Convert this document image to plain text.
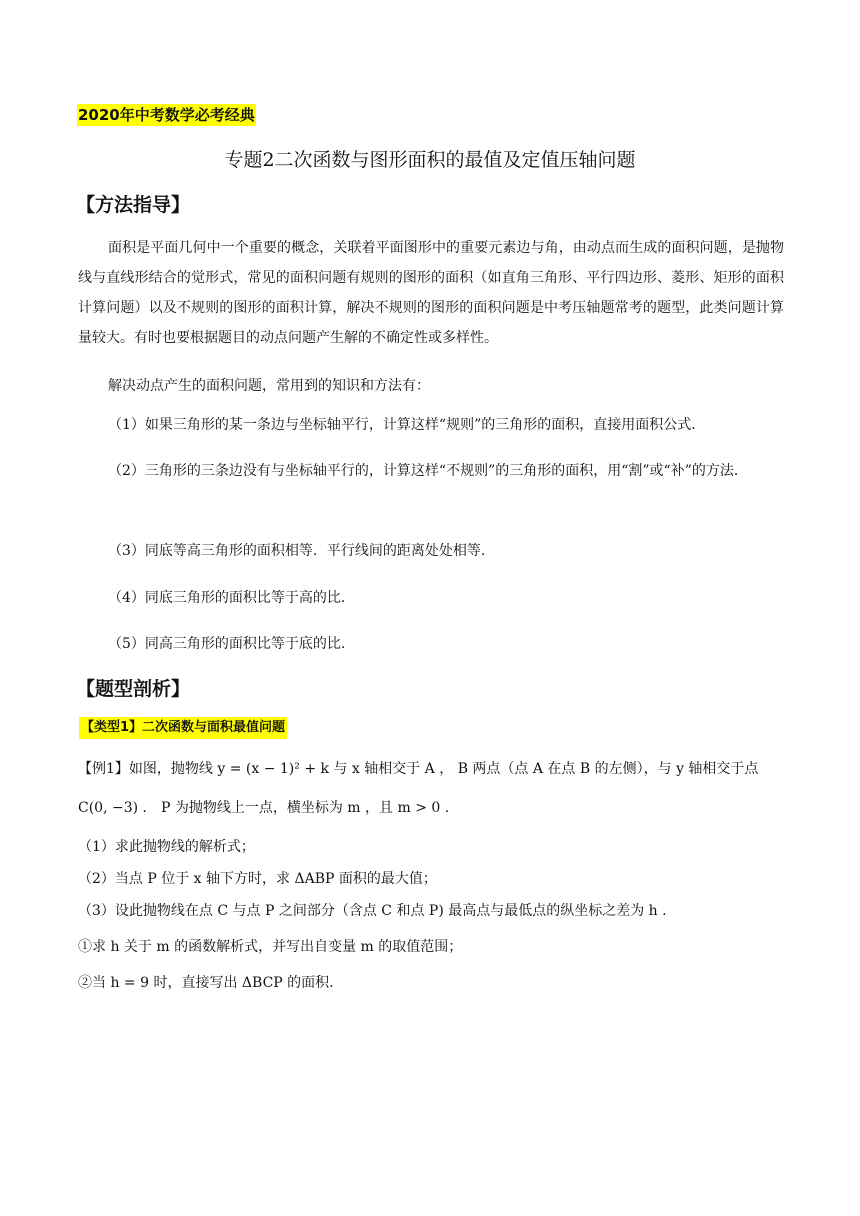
2020年中考数学必考经典
专题2二次函数与图形面积的最值及定值压轴问题
【方法指导】
面积是平面几何中一个重要的概念，关联着平面图形中的重要元素边与角，由动点而生成的面积问题，是抛物线与直线形结合的觉形式，常见的面积问题有规则的图形的面积（如直角三角形、平行四边形、菱形、矩形的面积计算问题）以及不规则的图形的面积计算，解决不规则的图形的面积问题是中考压轴题常考的题型，此类问题计算量较大。有时也要根据题目的动点问题产生解的不确定性或多样性。
解决动点产生的面积问题，常用到的知识和方法有：
（1）如果三角形的某一条边与坐标轴平行，计算这样“规则”的三角形的面积，直接用面积公式.
（2）三角形的三条边没有与坐标轴平行的，计算这样“不规则”的三角形的面积，用“割”或“补”的方法.
（3）同底等高三角形的面积相等．平行线间的距离处处相等.
（4）同底三角形的面积比等于高的比.
（5）同高三角形的面积比等于底的比.
【题型剖析】
【类型1】二次函数与面积最值问题
【例1】如图，抛物线 y = (x − 1)² + k 与 x 轴相交于 A ， B 两点（点 A 在点 B 的左侧），与 y 轴相交于点
C(0, −3) ． P 为抛物线上一点，横坐标为 m ，且 m > 0 .
（1）求此抛物线的解析式；
（2）当点 P 位于 x 轴下方时，求 ΔABP 面积的最大值；
（3）设此抛物线在点 C 与点 P 之间部分（含点 C 和点 P) 最高点与最低点的纵坐标之差为 h .
①求 h 关于 m 的函数解析式，并写出自变量 m 的取值范围；
②当 h = 9 时，直接写出 ΔBCP 的面积.
